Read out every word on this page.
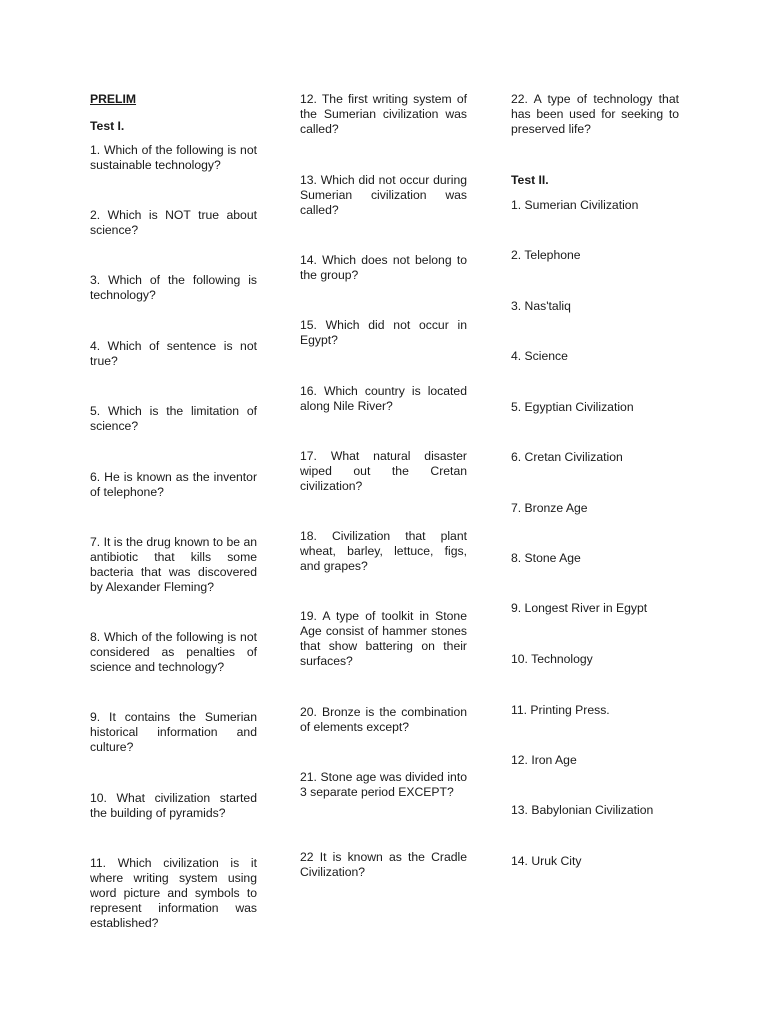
PRELIM
Test I.
1. Which of the following is not sustainable technology?
2. Which is NOT true about science?
3. Which of the following is technology?
4. Which of sentence is not true?
5. Which is the limitation of science?
6. He is known as the inventor of telephone?
7. It is the drug known to be an antibiotic that kills some bacteria that was discovered by Alexander Fleming?
8. Which of the following is not considered as penalties of science and technology?
9. It contains the Sumerian historical information and culture?
10. What civilization started the building of pyramids?
11. Which civilization is it where writing system using word picture and symbols to represent information was established?
12. The first writing system of the Sumerian civilization was called?
13. Which did not occur during Sumerian civilization was called?
14. Which does not belong to the group?
15. Which did not occur in Egypt?
16. Which country is located along Nile River?
17. What natural disaster wiped out the Cretan civilization?
18. Civilization that plant wheat, barley, lettuce, figs, and grapes?
19. A type of toolkit in Stone Age consist of hammer stones that show battering on their surfaces?
20. Bronze is the combination of elements except?
21. Stone age was divided into 3 separate period EXCEPT?
22 It is known as the Cradle Civilization?
22. A type of technology that has been used for seeking to preserved life?
Test II.
1. Sumerian Civilization
2. Telephone
3. Nas'taliq
4. Science
5. Egyptian Civilization
6. Cretan Civilization
7. Bronze Age
8. Stone Age
9. Longest River in Egypt
10. Technology
11. Printing Press.
12. Iron Age
13. Babylonian Civilization
14. Uruk City
